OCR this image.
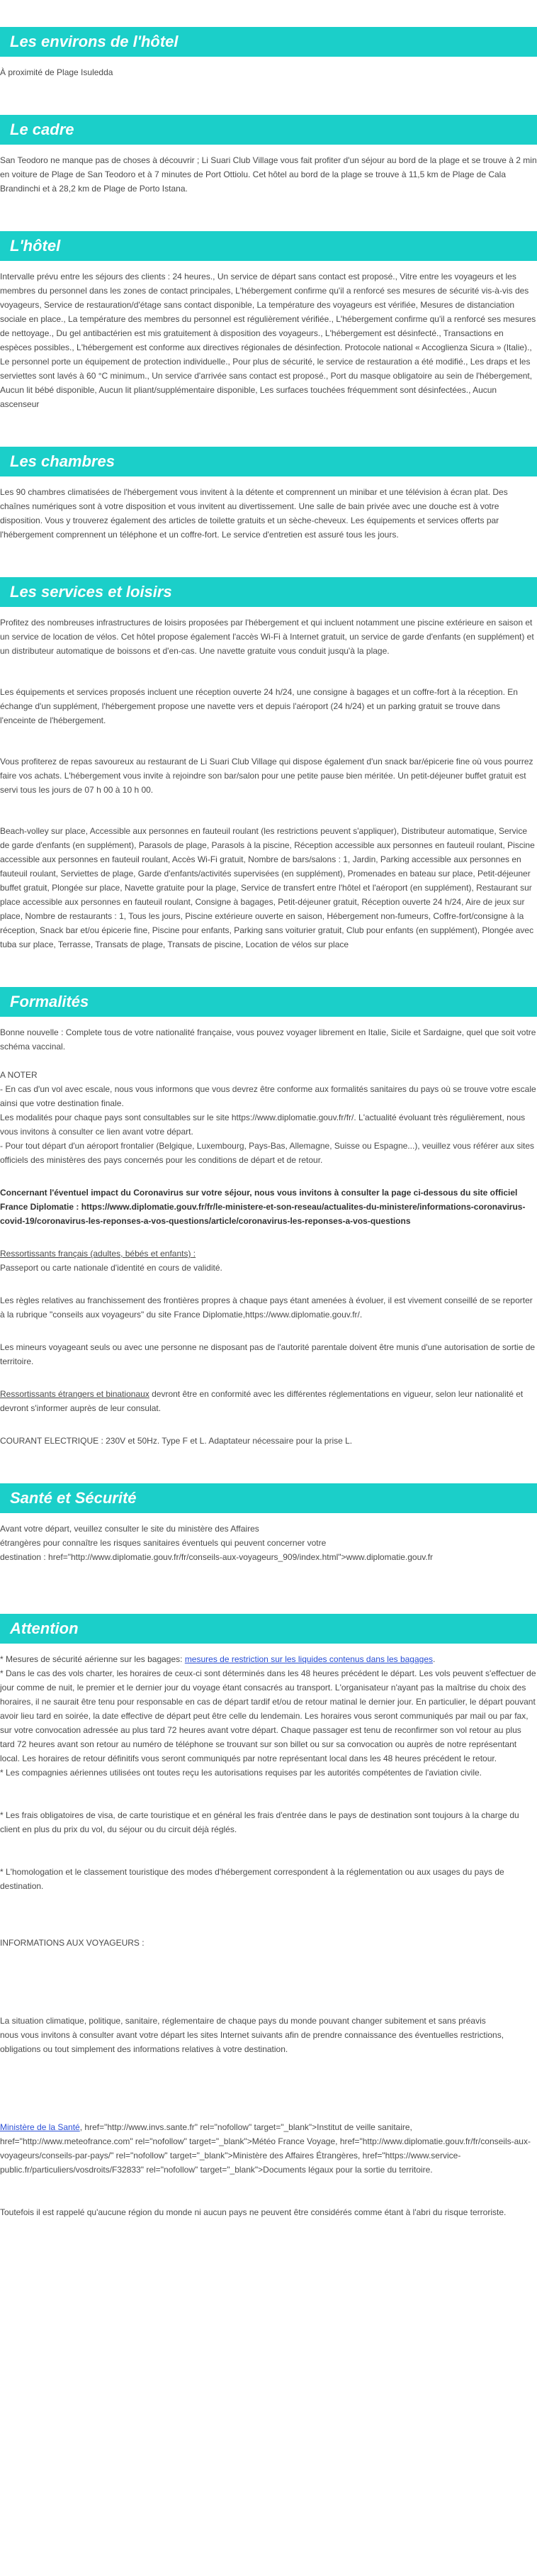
Les environs de l'hôtel

À proximité de Plage Isuledda

Le cadre

San Teodoro ne manque pas de choses à découvrir ; Li Suari Club Village vous fait profiter d'un séjour au bord de la plage et se trouve à 2 min en voiture de Plage de San Teodoro et à 7 minutes de Port Ottiolu. Cet hôtel au bord de la plage se trouve à 11,5 km de Plage de Cala Brandinchi et à 28,2 km de Plage de Porto Istana.

L'hôtel

Intervalle prévu entre les séjours des clients : 24 heures., Un service de départ sans contact est proposé., Vitre entre les voyageurs et les membres du personnel dans les zones de contact principales, L'hébergement confirme qu'il a renforcé ses mesures de sécurité vis-à-vis des voyageurs, Service de restauration/d'étage sans contact disponible, La température des voyageurs est vérifiée, Mesures de distanciation sociale en place., La température des membres du personnel est régulièrement vérifiée., L'hébergement confirme qu'il a renforcé ses mesures de nettoyage., Du gel antibactérien est mis gratuitement à disposition des voyageurs., L'hébergement est désinfecté., Transactions en espèces possibles., L'hébergement est conforme aux directives régionales de désinfection. Protocole national « Accoglienza Sicura » (Italie)., Le personnel porte un équipement de protection individuelle., Pour plus de sécurité, le service de restauration a été modifié., Les draps et les serviettes sont lavés à 60 °C minimum., Un service d'arrivée sans contact est proposé., Port du masque obligatoire au sein de l'hébergement, Aucun lit bébé disponible, Aucun lit pliant/supplémentaire disponible, Les surfaces touchées fréquemment sont désinfectées., Aucun ascenseur

Les chambres

Les 90 chambres climatisées de l'hébergement vous invitent à la détente et comprennent un minibar et une télévision à écran plat. Des chaînes numériques sont à votre disposition et vous invitent au divertissement. Une salle de bain privée avec une douche est à votre disposition. Vous y trouverez également des articles de toilette gratuits et un sèche-cheveux. Les équipements et services offerts par l'hébergement comprennent un téléphone et un coffre-fort. Le service d'entretien est assuré tous les jours.

Les services et loisirs

Profitez des nombreuses infrastructures de loisirs proposées par l'hébergement et qui incluent notamment une piscine extérieure en saison et un service de location de vélos. Cet hôtel propose également l'accès Wi-Fi à Internet gratuit, un service de garde d'enfants (en supplément) et un distributeur automatique de boissons et d'en-cas. Une navette gratuite vous conduit jusqu'à la plage.

Les équipements et services proposés incluent une réception ouverte 24 h/24, une consigne à bagages et un coffre-fort à la réception. En échange d'un supplément, l'hébergement propose une navette vers et depuis l'aéroport (24 h/24) et un parking gratuit se trouve dans l'enceinte de l'hébergement.

Vous profiterez de repas savoureux au restaurant de Li Suari Club Village qui dispose également d'un snack bar/épicerie fine où vous pourrez faire vos achats. L'hébergement vous invite à rejoindre son bar/salon pour une petite pause bien méritée. Un petit-déjeuner buffet gratuit est servi tous les jours de 07 h 00 à 10 h 00.

Beach-volley sur place, Accessible aux personnes en fauteuil roulant (les restrictions peuvent s'appliquer), Distributeur automatique, Service de garde d'enfants (en supplément), Parasols de plage, Parasols à la piscine, Réception accessible aux personnes en fauteuil roulant, Piscine accessible aux personnes en fauteuil roulant, Accès Wi-Fi gratuit, Nombre de bars/salons : 1, Jardin, Parking accessible aux personnes en fauteuil roulant, Serviettes de plage, Garde d'enfants/activités supervisées (en supplément), Promenades en bateau sur place, Petit-déjeuner buffet gratuit, Plongée sur place, Navette gratuite pour la plage, Service de transfert entre l'hôtel et l'aéroport (en supplément), Restaurant sur place accessible aux personnes en fauteuil roulant, Consigne à bagages, Petit-déjeuner gratuit, Réception ouverte 24 h/24, Aire de jeux sur place, Nombre de restaurants : 1, Tous les jours, Piscine extérieure ouverte en saison, Hébergement non-fumeurs, Coffre-fort/consigne à la réception, Snack bar et/ou épicerie fine, Piscine pour enfants, Parking sans voiturier gratuit, Club pour enfants (en supplément), Plongée avec tuba sur place, Terrasse, Transats de plage, Transats de piscine, Location de vélos sur place

Formalités

Bonne nouvelle : Complete tous de votre nationalité française, vous pouvez voyager librement en Italie, Sicile et Sardaigne, quel que soit votre schéma vaccinal.

A NOTER

- En cas d'un vol avec escale, nous vous informons que vous devrez être conforme aux formalités sanitaires du pays où se trouve votre escale ainsi que votre destination finale.
Les modalités pour chaque pays sont consultables sur le site https://www.diplomatie.gouv.fr/fr/. L'actualité évoluant très régulièrement, nous vous invitons à consulter ce lien avant votre départ.
- Pour tout départ d'un aéroport frontalier (Belgique, Luxembourg, Pays-Bas, Allemagne, Suisse ou Espagne...), veuillez vous référer aux sites officiels des ministères des pays concernés pour les conditions de départ et de retour.

Concernant l'éventuel impact du Coronavirus sur votre séjour, nous vous invitons à consulter la page ci-dessous du site officiel France Diplomatie : https://www.diplomatie.gouv.fr/fr/le-ministere-et-son-reseau/actualites-du-ministere/informations-coronavirus-covid-19/coronavirus-les-reponses-a-vos-questions/article/coronavirus-les-reponses-a-vos-questions

Ressortissants français (adultes, bébés et enfants) :

Passeport ou carte nationale d'identité en cours de validité.

Les règles relatives au franchissement des frontières propres à chaque pays étant amenées à évoluer, il est vivement conseillé de se reporter à la rubrique "conseils aux voyageurs" du site France Diplomatie,https://www.diplomatie.gouv.fr/.

Les mineurs voyageant seuls ou avec une personne ne disposant pas de l'autorité parentale doivent être munis d'une autorisation de sortie de territoire.

Ressortissants étrangers et binationaux devront être en conformité avec les différentes réglementations en vigueur, selon leur nationalité et devront s'informer auprès de leur consulat.

COURANT ELECTRIQUE : 230V et 50Hz. Type F et L. Adaptateur nécessaire pour la prise L.

Santé et Sécurité

Avant votre départ, veuillez consulter le site du ministère des Affaires
étrangères pour connaître les risques sanitaires éventuels qui peuvent concerner votre
destination : href="http://www.diplomatie.gouv.fr/fr/conseils-aux-voyageurs_909/index.html">www.diplomatie.gouv.fr

Attention

* Mesures de sécurité aérienne sur les bagages: mesures de restriction sur les liquides contenus dans les bagages.

* Dans le cas des vols charter, les horaires de ceux-ci sont déterminés dans les 48 heures précédent le départ. Les vols peuvent s'effectuer de jour comme de nuit, le premier et le dernier jour du voyage étant consacrés au transport. L'organisateur n'ayant pas la maîtrise du choix des horaires, il ne saurait être tenu pour responsable en cas de départ tardif et/ou de retour matinal le dernier jour. En particulier, le départ pouvant avoir lieu tard en soirée, la date effective de départ peut être celle du lendemain. Les horaires vous seront communiqués par mail ou par fax, sur votre convocation adressée au plus tard 72 heures avant votre départ. Chaque passager est tenu de reconfirmer son vol retour au plus tard 72 heures avant son retour au numéro de téléphone se trouvant sur son billet ou sur sa convocation ou auprès de notre représentant local. Les horaires de retour définitifs vous seront communiqués par notre représentant local dans les 48 heures précédent le retour.
* Les compagnies aériennes utilisées ont toutes reçu les autorisations requises par les autorités compétentes de l'aviation civile.

* Les frais obligatoires de visa, de carte touristique et en général les frais d'entrée dans le pays de destination sont toujours à la charge du client en plus du prix du vol, du séjour ou du circuit déjà réglés.

* L'homologation et le classement touristique des modes d'hébergement correspondent à la réglementation ou aux usages du pays de destination.

INFORMATIONS AUX VOYAGEURS :

La situation climatique, politique, sanitaire, réglementaire de chaque pays du monde pouvant changer subitement et sans préavis
nous vous invitons à consulter avant votre départ les sites Internet suivants afin de prendre connaissance des éventuelles restrictions, obligations ou tout simplement des informations relatives à votre destination.

Ministère de la Santé, href="http://www.invs.sante.fr" rel="nofollow" target="_blank">Institut de veille sanitaire, href="http://www.meteofrance.com" rel="nofollow" target="_blank">Météo France Voyage, href="http://www.diplomatie.gouv.fr/fr/conseils-aux-voyageurs/conseils-par-pays/" rel="nofollow" target="_blank">Ministère des Affaires Étrangères, href="https://www.service-public.fr/particuliers/vosdroits/F32833" rel="nofollow" target="_blank">Documents légaux pour la sortie du territoire.

Toutefois il est rappelé qu'aucune région du monde ni aucun pays ne peuvent être considérés comme étant à l'abri du risque terroriste.
